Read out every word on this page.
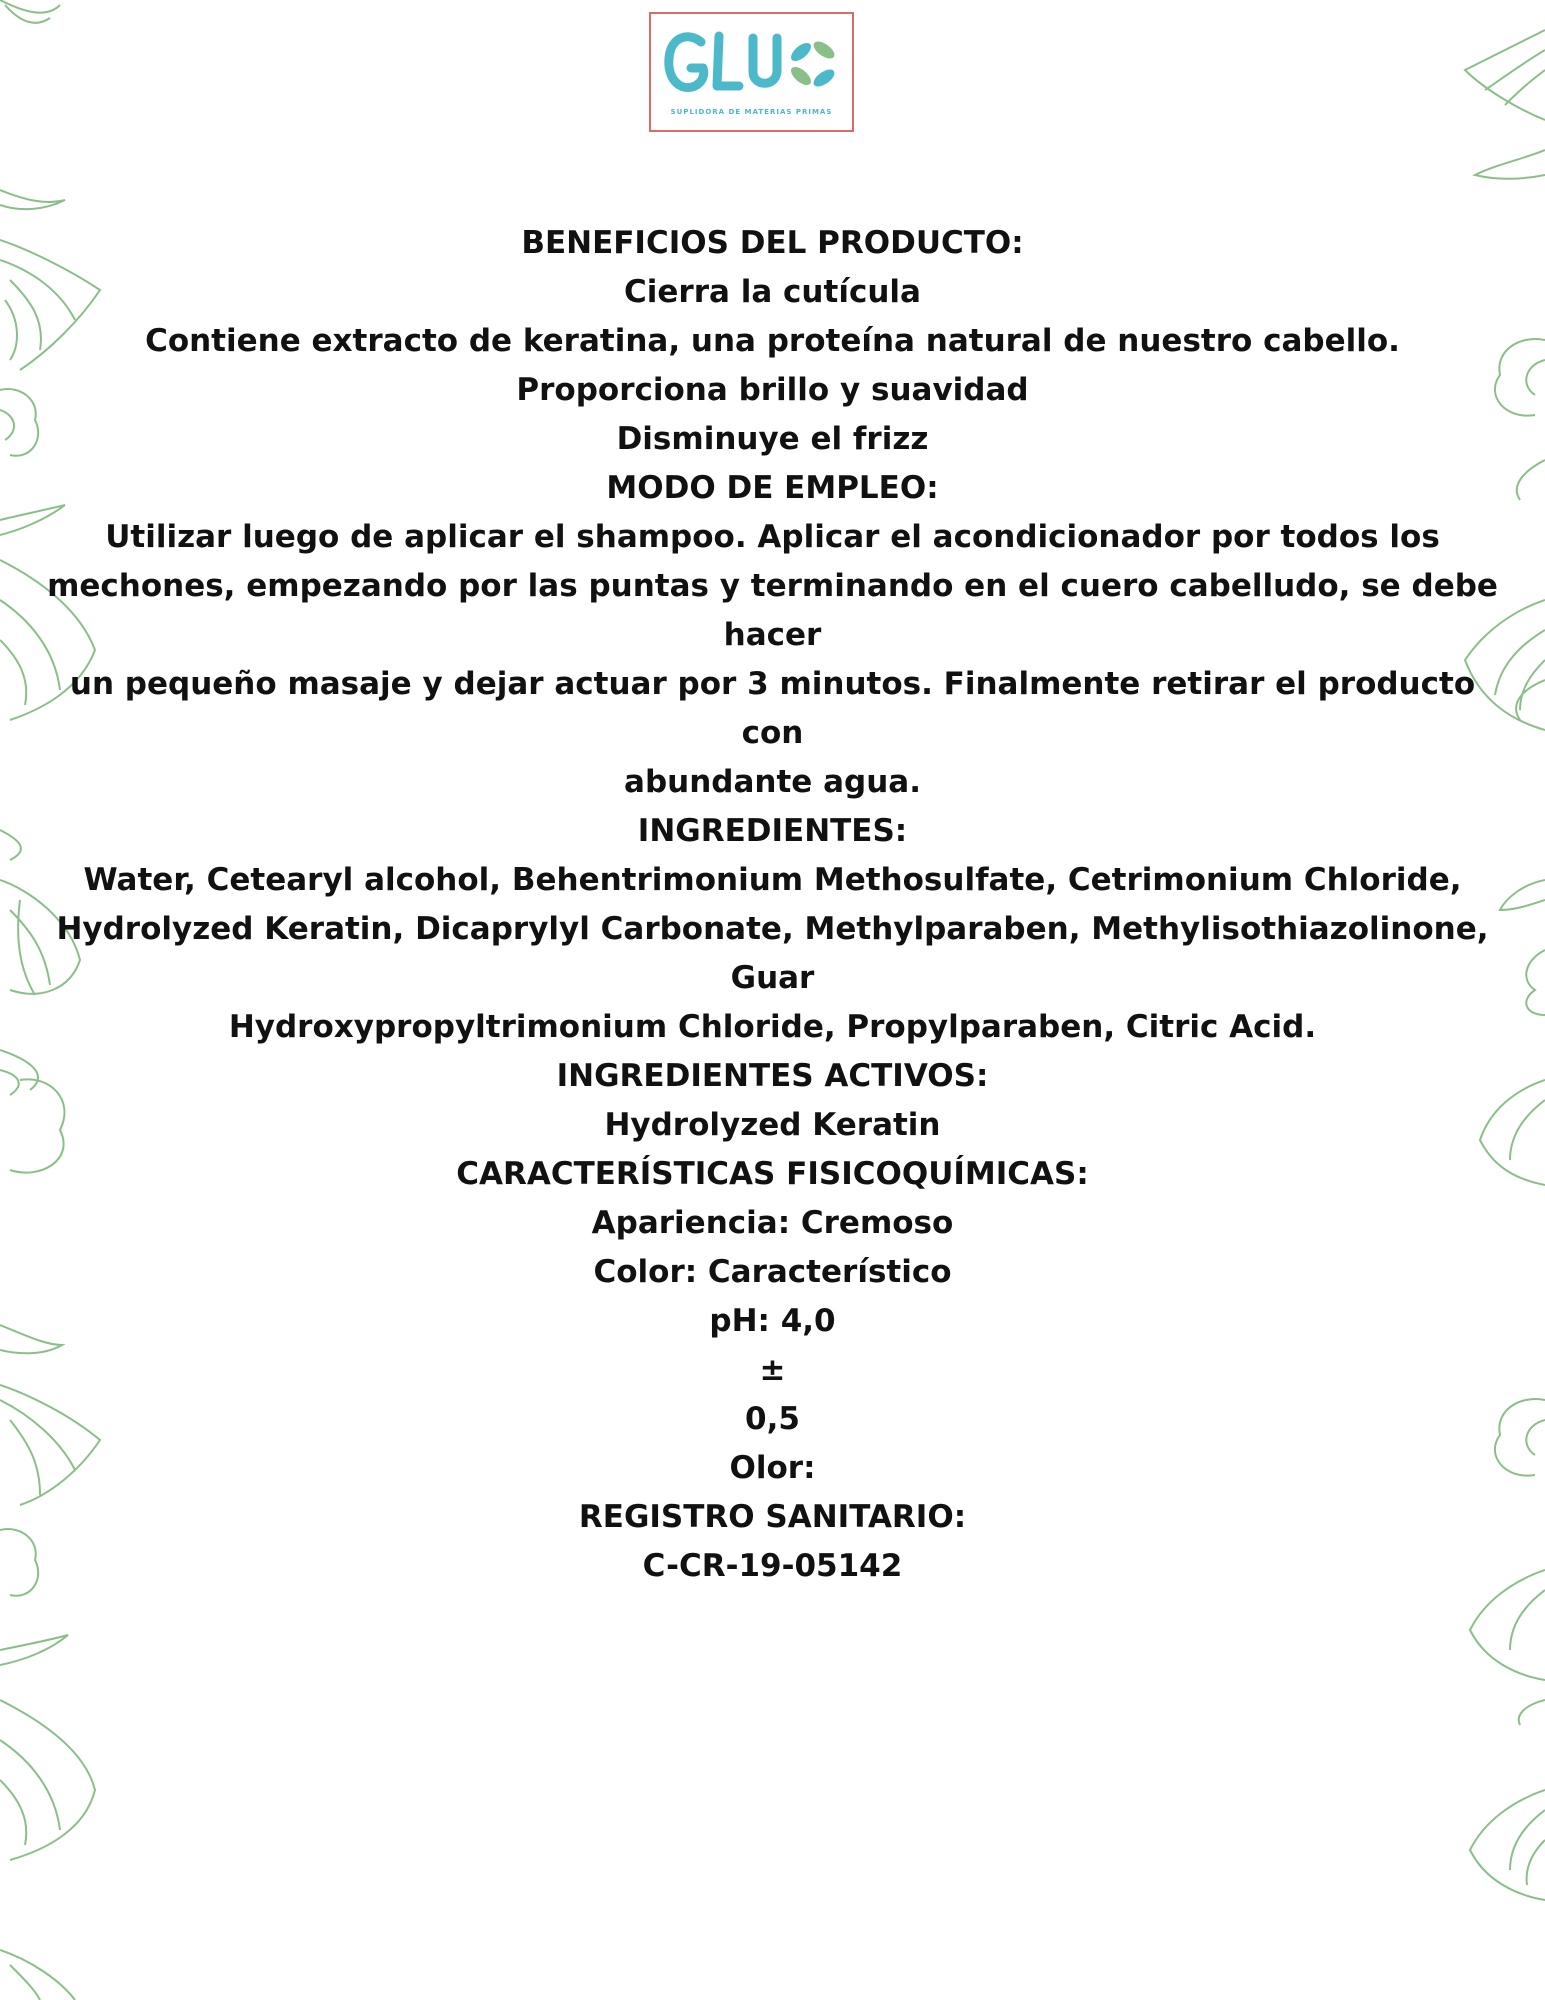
SUPLIDORA DE MATERIAS PRIMAS

BENEFICIOS DEL PRODUCTO:

Cierra la cutícula

Contiene extracto de keratina, una proteína natural de nuestro cabello.

Proporciona brillo y suavidad

Disminuye el frizz

MODO DE EMPLEO:

Utilizar luego de aplicar el shampoo. Aplicar el acondicionador por todos los

mechones, empezando por las puntas y terminando en el cuero cabelludo, se debe hacer

un pequeño masaje y dejar actuar por 3 minutos. Finalmente retirar el producto con

abundante agua.

INGREDIENTES:

Water, Cetearyl alcohol, Behentrimonium Methosulfate, Cetrimonium Chloride,

Hydrolyzed Keratin, Dicaprylyl Carbonate, Methylparaben, Methylisothiazolinone, Guar

Hydroxypropyltrimonium Chloride, Propylparaben, Citric Acid.

INGREDIENTES ACTIVOS:

Hydrolyzed Keratin

CARACTERÍSTICAS FISICOQUÍMICAS:

Apariencia: Cremoso

Color: Característico

pH: 4,0

±

0,5

Olor:

REGISTRO SANITARIO:

C-CR-19-05142
